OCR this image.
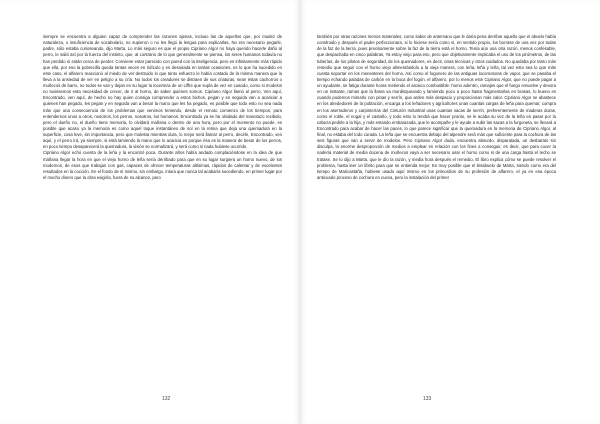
siempre se encuentra a alguien capaz de comprender las razones ajenas, incluso las de aquellos que, por mudez de naturaleza, o insuficiencia de vocabulario, no supieron o no les llegó la lengua para explicarlas, No era necesario pegarle, padre, sólo estaba curioseando, dijo Marta. Lo más seguro es que el propio Cipriano Algor no haya querido hacerle daño al perro, le salió así por la fuerza del instinto, que, al contrario de lo que generalmente se piensa, los seres humanos todavía no han perdido ni están cerca de perder. Conviene estar parecido con pared con la inteligencia, pero es infinitamente más rápido que ella, por eso la pobrecilla queda tantas veces en ridículo y es desairada en tantas ocasiones, es lo que ha sucedido en este caso, el alfarero reaccionó al miedo de ver destruido lo que tanto esfuerzo le había costado de la misma manera que la lleva a la ansiedad de ver en peligro a su cría. No todos los creadores se distraen de sus criaturas, sean éstas cachorros o muñecos de barro, no todos se van y dejan en su lugar la incerteza de un ciffre que sopla de vez en cuando, como si modelos no tuviésemos esta necesidad de crecer, de ir al horno, de saber quiénes somos. Cipriano Algor llamó al perro, Ven aquí, Encontrado, ven aquí, de hecho no hay quien consiga comprender a estos bichos, pegan y en seguida van a acariciar a quienes han pegado, les pegan y en seguida van a besar la mano que les ha pegado, es posible que todo esto no sea nada más que una consecuencia de los problemas que venimos teniendo, desde el remoto comienzo de los tiempos, para entendernos unos a otros, nosotros, los perros, nosotros, los humanos. Encontrado ya se ha olvidado del manotazo recibido, pero el dueño no, el dueño tiene memoria, lo olvidará mañana o dentro de una hora, pero por el momento no puede, es posible que acaso ya la memoria es como aquel toque instantáneo de sol en la retina que deja una quemadura en la superficie, cosa leve, sin importancia, pero que molesta mientras dura, lo mejor será llamar al perro, decirle, Encontrado, ven aquí, y el perro irá, ya siempre, si está lamiendo la mano que lo acaricia es porque ésa es la manera de besar de los perros, en poco tiempo desaparecerá la quemadura, la visión se normalizará, y será como si nada hubiese ocurrido.

Cipriano Algor echó cuenta de la leña y la encontró poca. Durante años había andado complaciéndose en la idea de que mañana llegar la hora en que el viejo horno de leña sería derribado para que en su lugar surgiera un horno nuevo, de los modernos, de esos que trabajan con gas, capaces de ofrecer temperaturas altísimas, rápidos de calentar y de excelentes resultados en la cocción. En el fondo de sí mismo, sin embargo, intuía que nunca tal acabaría sucediendo, en primer lugar por el mucho dinero que la obra exigiría, fuera de su alcance, pero

132

también por otras razones menos materiales, como saber de antemano que le daría pena derribar aquello que el abuelo había construido y después el padre perfeccionara, si lo hiciese sería como si, en sentido propio, los borrase de una vez por todas de la faz de la tierra, pues precisamente sobre la faz de la tierra está el horno. Tenía aún una otra razón, menos confesable, que despachaba en cinco palabras, Ya estoy viejo para eso, pero que objetivamente implicaba el uso de los pirómetros, de las tuberías, de los pilotos de seguridad, de los quemadores, es decir, otras técnicas y otros cuidados. No quedaba por tanto más remedio que seguir con el horno viejo alimentándolo a la vieja manera, con leña, leña y leña, tal vez esto sea lo que más cuesta soportar en los menesteres del horno. Así como el fogonero de las antiguas locomotoras de vapor, que se pasaba el tiempo echando paladas de carbón en la boca del fogón, el alfarero, por lo menos este Cipriano Algor, que no puede pagar a un ayudante, se fatiga durante horas metiendo el arcaico combustible: homo adentro, ramajes que el fuego envuelve y devora en un instante, ramas que la llama va mordisqueando y lamiendo poco a poco hasta fragmentarlas en brasas, lo bueno es cuando podemos mimarlo con pinas y serrín, que arden más despacio y proporcionan más calor. Cipriano Algor se abastece en los alrededores de la población, encarga a los leñadores y agricultores unas cuantas cargas de leña para quemar, compra en los aserraderos y carpinterías del Cinturón Industrial unas cuantas sacas de serrín, preferentemente de maderas duras, como el roble, el nogal y el castaño, y todo esto lo tendrá que hacer pronto, se le acaba su vez de la leña en pasar por la cabeza pedirle a la hija, y más estando embarazada, que le acompañe y le ayude a subir las sacas a la furgoneta, se llevará a Encontrado para acabar de hacer las paces, lo que parece significar que la quemadura en la memoria de Cipriano Algor, al final, no estaba del todo curada. La leña que se encuentra debajo del alpendre será más que suficiente para la cochura de las seis figuras que van a servir de modelos. Pero Cipriano Algor duda, encuentra absurdo, disparatada, un desbarato sin disculpa, la enorme desproporción de medios a emplear en relación con los fines a conseguir, es decir, que para cocer la nadería material de media docena de muñecos vaya a ser necesario usar el horno como si de una carga hasta el techo se tratase. Se lo dijo a Marta, que le dio la razón, y media hora después el remedio, El libro explica cómo se puede resolver el problema, hasta leer un librito para que se entienda mejor. Es muy posible que el bisabuelo de Marta, siendo como era del tiempo de Maricastaña, hubiese usado aquí mismo en los primordios de su profesión de alfarero, el ya en esa época anticuado proceso de cochura en cueva, pero la instalación del primer

133
